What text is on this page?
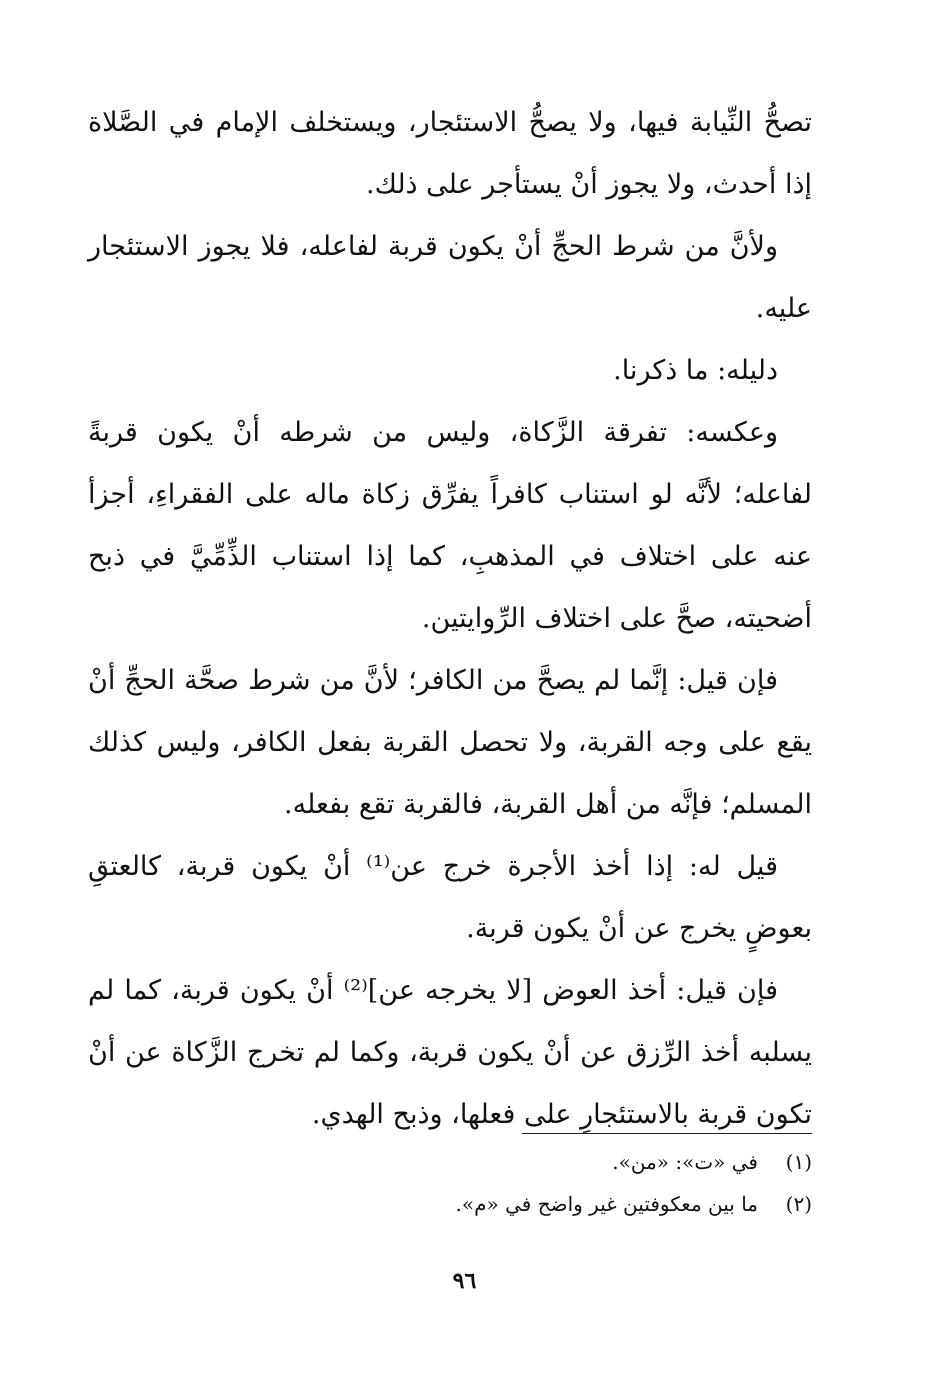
تصحُّ النِّيابة فيها، ولا يصحُّ الاستئجار، ويستخلف الإمام في الصَّلاة إذا أحدث، ولا يجوز أنْ يستأجر على ذلك.

ولأنَّ من شرط الحجِّ أنْ يكون قربة لفاعله، فلا يجوز الاستئجار عليه.

دليله: ما ذكرنا.

وعكسه: تفرقة الزَّكاة، وليس من شرطه أنْ يكون قربةً لفاعله؛ لأنَّه لو استناب كافراً يفرِّق زكاة ماله على الفقراءِ، أجزأ عنه على اختلاف في المذهبِ، كما إذا استناب الذِّمِّيَّ في ذبح أضحيته، صحَّ على اختلاف الرِّوايتين.

فإن قيل: إنَّما لم يصحَّ من الكافر؛ لأنَّ من شرط صحَّة الحجِّ أنْ يقع على وجه القربة، ولا تحصل القربة بفعل الكافر، وليس كذلك المسلم؛ فإنَّه من أهل القربة، فالقربة تقع بفعله.

قيل له: إذا أخذ الأجرة خرج عن⁽¹⁾ أنْ يكون قربة، كالعتقِ بعوضٍ يخرج عن أنْ يكون قربة.

فإن قيل: أخذ العوض [لا يخرجه عن]⁽²⁾ أنْ يكون قربة، كما لم يسلبه أخذ الرِّزق عن أنْ يكون قربة، وكما لم تخرج الزَّكاة عن أنْ تكون قربة بالاستئجارِ على فعلها، وذبح الهدي.

(١)في «ت»: «من».
(٢)ما بين معكوفتين غير واضح في «م».
٩٦
